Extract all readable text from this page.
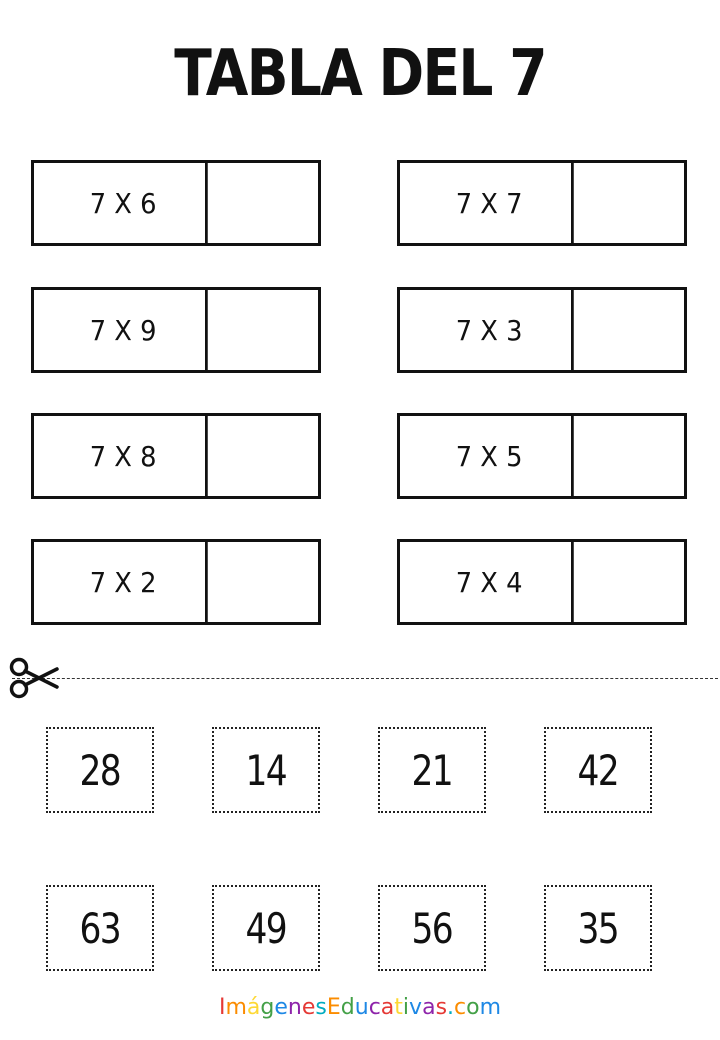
TABLA DEL 7
7 X 6	7 X 7
7 X 9	7 X 3
7 X 8	7 X 5
7 X 2	7 X 4
28	14	21	42
63	49	56	35
ImágenesEducativas.com
